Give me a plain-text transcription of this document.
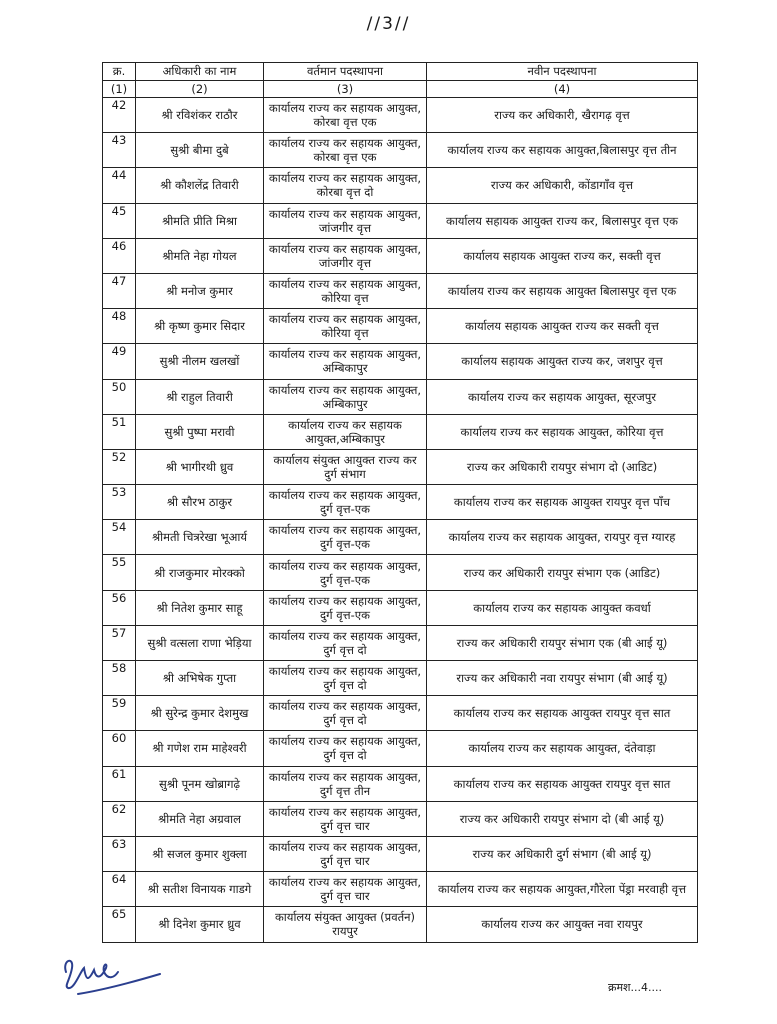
//3//
क्र.	अधिकारी का नाम	वर्तमान पदस्थापना	नवीन पदस्थापना
(1)	(2)	(3)	(4)
42	श्री रविशंकर राठौर	कार्यालय राज्य कर सहायक आयुक्त, कोरबा वृत्त एक	राज्य कर अधिकारी, खैरागढ़ वृत्त
43	सुश्री बीमा दुबे	कार्यालय राज्य कर सहायक आयुक्त, कोरबा वृत्त एक	कार्यालय राज्य कर सहायक आयुक्त,बिलासपुर वृत्त तीन
44	श्री कौशलेंद्र तिवारी	कार्यालय राज्य कर सहायक आयुक्त, कोरबा वृत्त दो	राज्य कर अधिकारी, कोंडागाँव वृत्त
45	श्रीमति प्रीति मिश्रा	कार्यालय राज्य कर सहायक आयुक्त, जांजगीर वृत्त	कार्यालय सहायक आयुक्त राज्य कर, बिलासपुर वृत्त एक
46	श्रीमति नेहा गोयल	कार्यालय राज्य कर सहायक आयुक्त, जांजगीर वृत्त	कार्यालय सहायक आयुक्त राज्य कर, सक्ती वृत्त
47	श्री मनोज कुमार	कार्यालय राज्य कर सहायक आयुक्त, कोरिया वृत्त	कार्यालय राज्य कर सहायक आयुक्त बिलासपुर वृत्त एक
48	श्री कृष्ण कुमार सिदार	कार्यालय राज्य कर सहायक आयुक्त, कोरिया वृत्त	कार्यालय सहायक आयुक्त राज्य कर सक्ती वृत्त
49	सुश्री नीलम खलखों	कार्यालय राज्य कर सहायक आयुक्त, अम्बिकापुर	कार्यालय सहायक आयुक्त राज्य कर, जशपुर वृत्त
50	श्री राहुल तिवारी	कार्यालय राज्य कर सहायक आयुक्त, अम्बिकापुर	कार्यालय राज्य कर सहायक आयुक्त, सूरजपुर
51	सुश्री पुष्पा मरावी	कार्यालय राज्य कर सहायक आयुक्त,अम्बिकापुर	कार्यालय राज्य कर सहायक आयुक्त, कोरिया वृत्त
52	श्री भागीरथी ध्रुव	कार्यालय संयुक्त आयुक्त राज्य कर दुर्ग संभाग	राज्य कर अधिकारी रायपुर संभाग दो (आडिट)
53	श्री सौरभ ठाकुर	कार्यालय राज्य कर सहायक आयुक्त, दुर्ग वृत्त-एक	कार्यालय राज्य कर सहायक आयुक्त रायपुर वृत्त पाँच
54	श्रीमती चित्ररेखा भूआर्य	कार्यालय राज्य कर सहायक आयुक्त, दुर्ग वृत्त-एक	कार्यालय राज्य कर सहायक आयुक्त, रायपुर वृत्त ग्यारह
55	श्री राजकुमार मोरक्को	कार्यालय राज्य कर सहायक आयुक्त, दुर्ग वृत्त-एक	राज्य कर अधिकारी रायपुर संभाग एक (आडिट)
56	श्री नितेश कुमार साहू	कार्यालय राज्य कर सहायक आयुक्त, दुर्ग वृत्त-एक	कार्यालय राज्य कर सहायक आयुक्त कवर्धा
57	सुश्री वत्सला राणा भेड़िया	कार्यालय राज्य कर सहायक आयुक्त, दुर्ग वृत्त दो	राज्य कर अधिकारी रायपुर संभाग एक (बी आई यू)
58	श्री अभिषेक गुप्ता	कार्यालय राज्य कर सहायक आयुक्त, दुर्ग वृत्त दो	राज्य कर अधिकारी नवा रायपुर संभाग (बी आई यू)
59	श्री सुरेन्द्र कुमार देशमुख	कार्यालय राज्य कर सहायक आयुक्त, दुर्ग वृत्त दो	कार्यालय राज्य कर सहायक आयुक्त रायपुर वृत्त सात
60	श्री गणेश राम माहेश्वरी	कार्यालय राज्य कर सहायक आयुक्त, दुर्ग वृत्त दो	कार्यालय राज्य कर सहायक आयुक्त, दंतेवाड़ा
61	सुश्री पूनम खोब्रागढ़े	कार्यालय राज्य कर सहायक आयुक्त, दुर्ग वृत्त तीन	कार्यालय राज्य कर सहायक आयुक्त रायपुर वृत्त सात
62	श्रीमति नेहा अग्रवाल	कार्यालय राज्य कर सहायक आयुक्त, दुर्ग वृत्त चार	राज्य कर अधिकारी रायपुर संभाग दो (बी आई यू)
63	श्री सजल कुमार शुक्ला	कार्यालय राज्य कर सहायक आयुक्त, दुर्ग वृत्त चार	राज्य कर अधिकारी दुर्ग संभाग (बी आई यू)
64	श्री सतीश विनायक गाडगे	कार्यालय राज्य कर सहायक आयुक्त, दुर्ग वृत्त चार	कार्यालय राज्य कर सहायक आयुक्त,गौरेला पेंड्रा मरवाही वृत्त
65	श्री दिनेश कुमार ध्रुव	कार्यालय संयुक्त आयुक्त (प्रवर्तन) रायपुर	कार्यालय राज्य कर आयुक्त नवा रायपुर
क्रमश...4....
